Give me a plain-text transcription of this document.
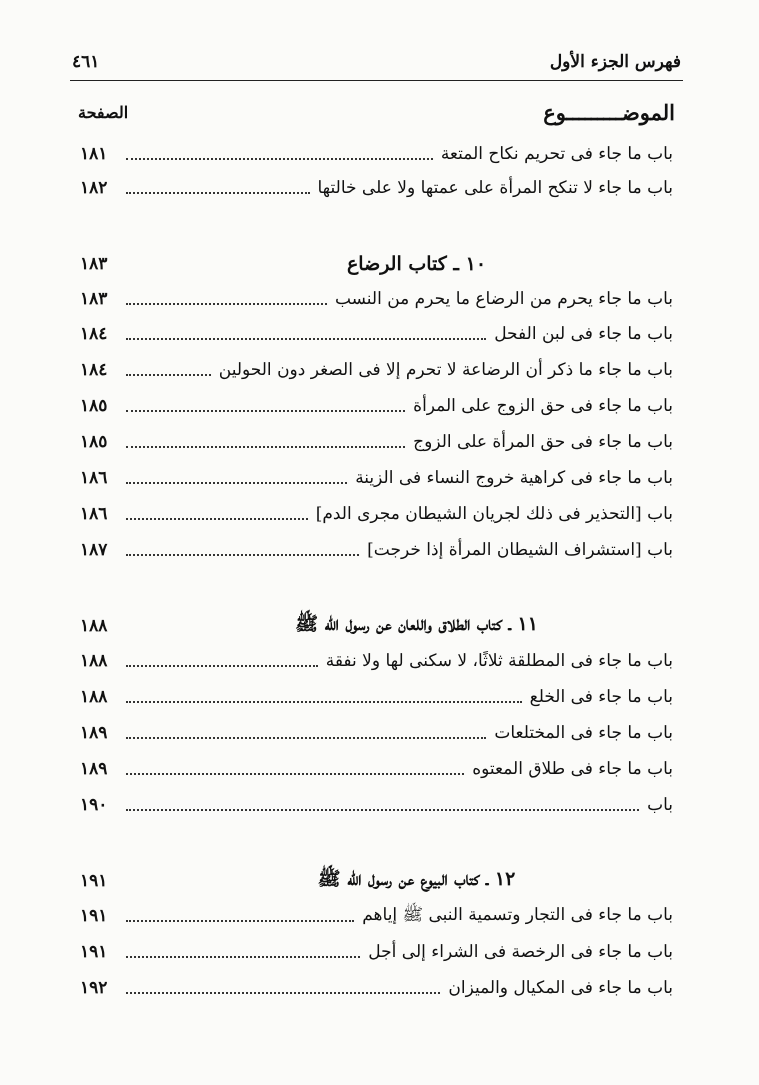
فهرس الجزء الأول
٤٦١
الموضـــــــــوع
الصفحة
باب ما جاء فى تحريم نكاح المتعة
١٨١
باب ما جاء لا تنكح المرأة على عمتها ولا على خالتها
١٨٢
١٠ ـ كتاب الرضاع
١٨٣
باب ما جاء يحرم من الرضاع ما يحرم من النسب
١٨٣
باب ما جاء فى لبن الفحل
١٨٤
باب ما جاء ما ذكر أن الرضاعة لا تحرم إلا فى الصغر دون الحولين
١٨٤
باب ما جاء فى حق الزوج على المرأة
١٨٥
باب ما جاء فى حق المرأة على الزوج
١٨٥
باب ما جاء فى كراهية خروج النساء فى الزينة
١٨٦
باب [التحذير فى ذلك لجريان الشيطان مجرى الدم]
١٨٦
باب [استشراف الشيطان المرأة إذا خرجت]
١٨٧
١١ ـ كتاب الطلاق واللعان عن رسول الله ﷺ
١٨٨
باب ما جاء فى المطلقة ثلاثًا، لا سكنى لها ولا نفقة
١٨٨
باب ما جاء فى الخلع
١٨٨
باب ما جاء فى المختلعات
١٨٩
باب ما جاء فى طلاق المعتوه
١٨٩
باب
١٩٠
١٢ ـ كتاب البيوع عن رسول الله ﷺ
١٩١
باب ما جاء فى التجار وتسمية النبى ﷺ إياهم
١٩١
باب ما جاء فى الرخصة فى الشراء إلى أجل
١٩١
باب ما جاء فى المكيال والميزان
١٩٢
